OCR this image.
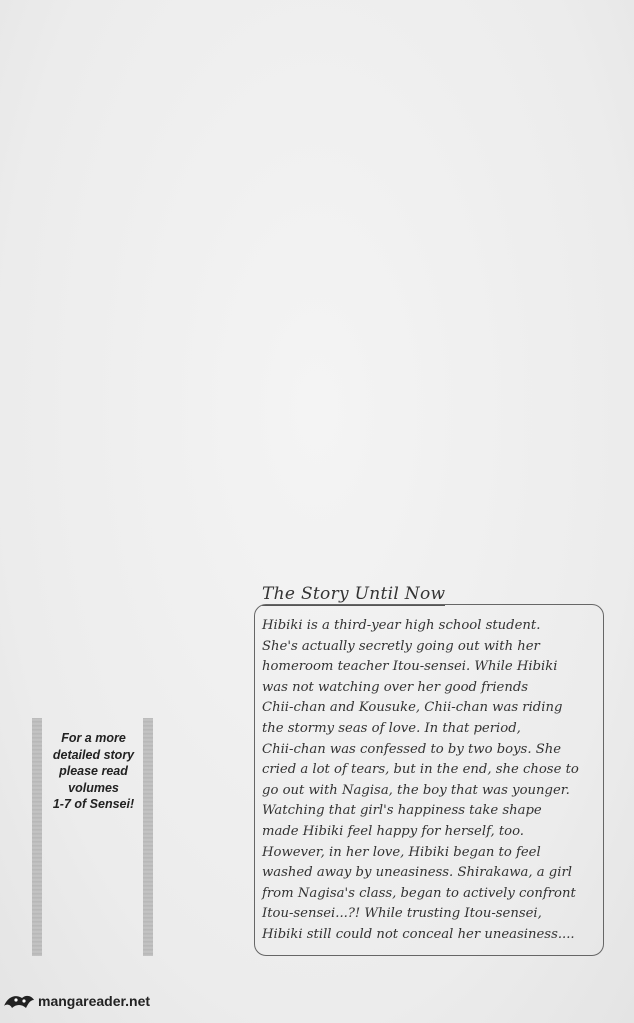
The Story Until Now
Hibiki is a third-year high school student.
She's actually secretly going out with her
homeroom teacher Itou-sensei. While Hibiki
was not watching over her good friends
Chii-chan and Kousuke, Chii-chan was riding
the stormy seas of love. In that period,
Chii-chan was confessed to by two boys. She
cried a lot of tears, but in the end, she chose to
go out with Nagisa, the boy that was younger.
Watching that girl's happiness take shape
made Hibiki feel happy for herself, too.
However, in her love, Hibiki began to feel
washed away by uneasiness. Shirakawa, a girl
from Nagisa's class, began to actively confront
Itou-sensei...?! While trusting Itou-sensei,
Hibiki still could not conceal her uneasiness....
For a more
detailed story
please read
volumes
1-7 of Sensei!
mangareader.net
